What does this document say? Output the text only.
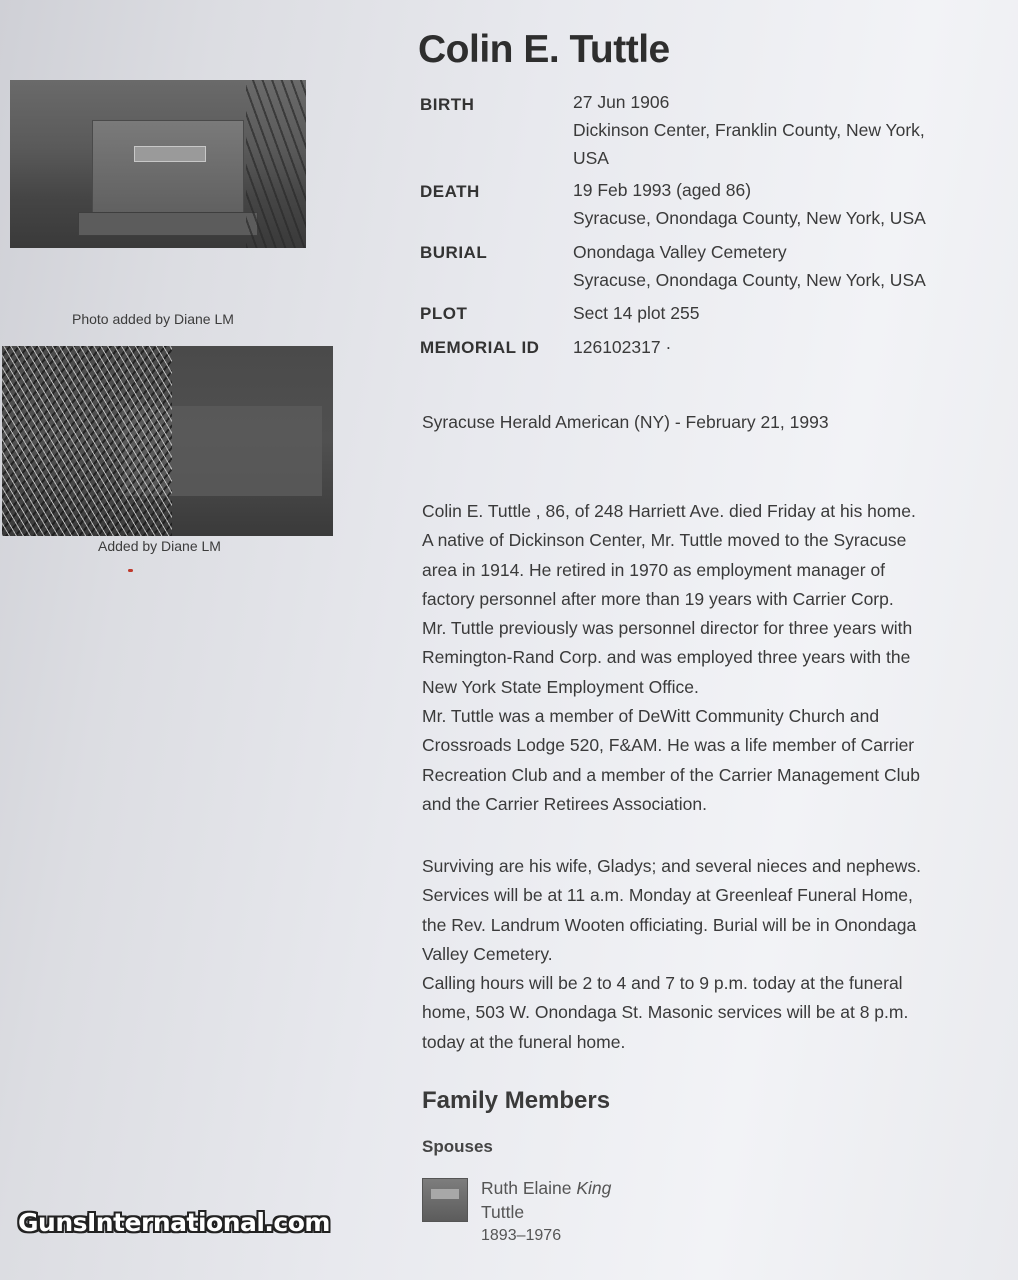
Photo added by Diane LM
Added by Diane LM
Colin E. Tuttle
BIRTH	27 Jun 1906
Dickinson Center, Franklin County, New York,
USA
DEATH	19 Feb 1993 (aged 86)
Syracuse, Onondaga County, New York, USA
BURIAL	Onondaga Valley Cemetery
Syracuse, Onondaga County, New York, USA
PLOT	Sect 14 plot 255
MEMORIAL ID 126102317 ·
Syracuse Herald American (NY) - February 21, 1993

Colin E. Tuttle , 86, of 248 Harriett Ave. died Friday at his home.

A native of Dickinson Center, Mr. Tuttle moved to the Syracuse

area in 1914. He retired in 1970 as employment manager of

factory personnel after more than 19 years with Carrier Corp.

Mr. Tuttle previously was personnel director for three years with

Remington-Rand Corp. and was employed three years with the

New York State Employment Office.

Mr. Tuttle was a member of DeWitt Community Church and

Crossroads Lodge 520, F&AM. He was a life member of Carrier

Recreation Club and a member of the Carrier Management Club

and the Carrier Retirees Association.

Surviving are his wife, Gladys; and several nieces and nephews.

Services will be at 11 a.m. Monday at Greenleaf Funeral Home,

the Rev. Landrum Wooten officiating. Burial will be in Onondaga

Valley Cemetery.

Calling hours will be 2 to 4 and 7 to 9 p.m. today at the funeral

home, 503 W. Onondaga St. Masonic services will be at 8 p.m.

today at the funeral home.

Family Members
Spouses
Ruth Elaine King
Tuttle
1893–1976
GunsInternational.com
